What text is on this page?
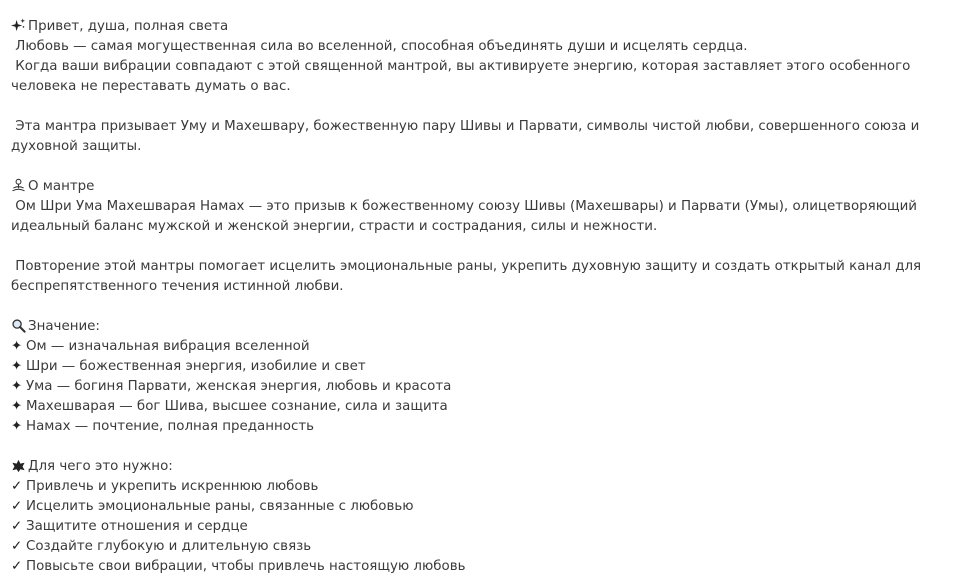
Привет, душа, полная света
Любовь — самая могущественная сила во вселенной, способная объединять души и исцелять сердца.
Когда ваши вибрации совпадают с этой священной мантрой, вы активируете энергию, которая заставляет этого особенного человека не переставать думать о вас.
Эта мантра призывает Уму и Махешвару, божественную пару Шивы и Парвати, символы чистой любви, совершенного союза и духовной защиты.
О мантре
Ом Шри Ума Махешварая Намах — это призыв к божественному союзу Шивы (Махешвары) и Парвати (Умы), олицетворяющий идеальный баланс мужской и женской энергии, страсти и сострадания, силы и нежности.
Повторение этой мантры помогает исцелить эмоциональные раны, укрепить духовную защиту и создать открытый канал для беспрепятственного течения истинной любви.
Значение:
✦ Ом — изначальная вибрация вселенной
✦ Шри — божественная энергия, изобилие и свет
✦ Ума — богиня Парвати, женская энергия, любовь и красота
✦ Махешварая — бог Шива, высшее сознание, сила и защита
✦ Намах — почтение, полная преданность
Для чего это нужно:
✓ Привлечь и укрепить искреннюю любовь
✓ Исцелить эмоциональные раны, связанные с любовью
✓ Защитите отношения и сердце
✓ Создайте глубокую и длительную связь
✓ Повысьте свои вибрации, чтобы привлечь настоящую любовь
